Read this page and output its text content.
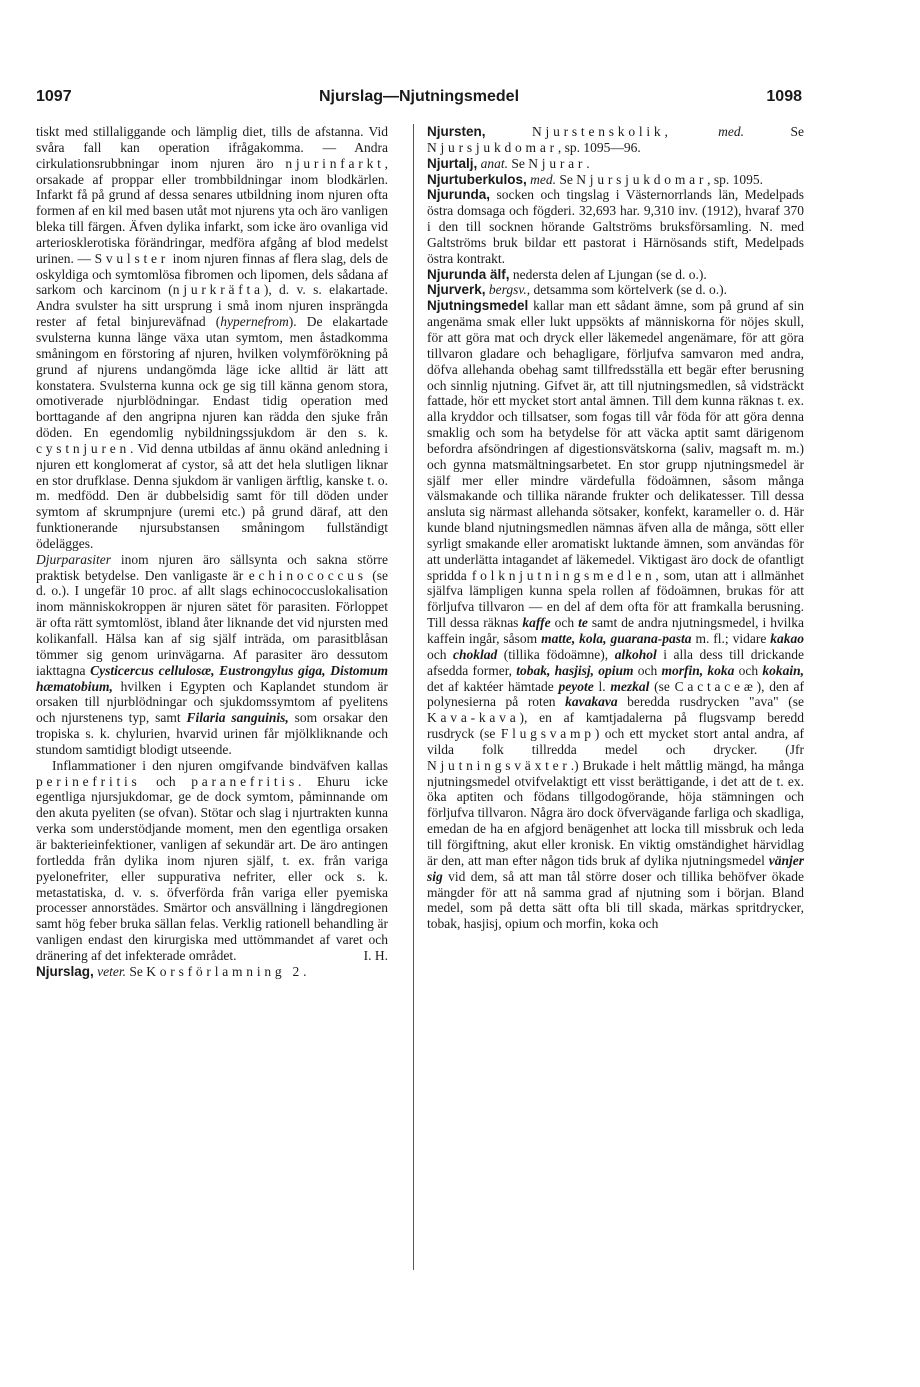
1097	Njurslag—Njutningsmedel	1098

tiskt med stillaliggande och lämplig diet, tills de afstanna. Vid svåra fall kan operation ifrågakomma. — Andra cirkulationsrubbningar inom njuren äro njurinfarkt, orsakade af proppar eller trombbildningar inom blodkärlen. Infarkt få på grund af dessa senares utbildning inom njuren ofta formen af en kil med basen utåt mot njurens yta och äro vanligen bleka till färgen. Äfven dylika infarkt, som icke äro ovanliga vid arteriosklerotiska förändringar, medföra afgång af blod medelst urinen. — Svulster inom njuren finnas af flera slag, dels de oskyldiga och symtomlösa fibromen och lipomen, dels sådana af sarkom och karcinom (njurkräfta), d. v. s. elakartade. Andra svulster ha sitt ursprung i små inom njuren insprängda rester af fetal binjureväfnad (hypernefrom). De elakartade svulsterna kunna länge växa utan symtom, men åstadkomma småningom en förstoring af njuren, hvilken volymförökning på grund af njurens undangömda läge icke alltid är lätt att konstatera. Svulsterna kunna ock ge sig till känna genom stora, omotiverade njurblödningar. Endast tidig operation med borttagande af den angripna njuren kan rädda den sjuke från döden. En egendomlig nybildningssjukdom är den s. k. cystnjuren. Vid denna utbildas af ännu okänd anledning i njuren ett konglomerat af cystor, så att det hela slutligen liknar en stor drufklase. Denna sjukdom är vanligen ärftlig, kanske t. o. m. medfödd. Den är dubbelsidig samt för till döden under symtom af skrumpnjure (uremi etc.) på grund däraf, att den funktionerande njursubstansen småningom fullständigt ödelägges.

Djurparasiter inom njuren äro sällsynta och sakna större praktisk betydelse. Den vanligaste är echinococcus (se d. o.). I ungefär 10 proc. af allt slags echinococcuslokalisation inom människokroppen är njuren sätet för parasiten. Förloppet är ofta rätt symtomlöst, ibland åter liknande det vid njursten med kolikanfall. Hälsa kan af sig själf inträda, om parasitblåsan tömmer sig genom urinvägarna. Af parasiter äro dessutom iakttagna Cysticercus cellulosæ, Eustrongylus giga, Distomum hæmatobium, hvilken i Egypten och Kaplandet stundom är orsaken till njurblödningar och sjukdomssymtom af pyelitens och njurstenens typ, samt Filaria sanguinis, som orsakar den tropiska s. k. chylurien, hvarvid urinen får mjölkliknande och stundom samtidigt blodigt utseende.

Inflammationer i den njuren omgifvande bindväfven kallas perinefritis och paranefritis. Ehuru icke egentliga njursjukdomar, ge de dock symtom, påminnande om den akuta pyeliten (se ofvan). Stötar och slag i njurtrakten kunna verka som understödjande moment, men den egentliga orsaken är bakterieinfektioner, vanligen af sekundär art. De äro antingen fortledda från dylika inom njuren själf, t. ex. från variga pyelonefriter, eller suppurativa nefriter, eller ock s. k. metastatiska, d. v. s. öfverförda från variga eller pyemiska processer annorstädes. Smärtor och ansvällning i längdregionen samt hög feber bruka sällan felas. Verklig rationell behandling är vanligen endast den kirurgiska med uttömmandet af varet och dränering af det infekterade området.	I. H.

Njurslag, veter. Se Korsförlamning 2.

Njursten,	Njurstenskolik,	med. Se Njursjukdomar, sp. 1095—96.

Njurtalj, anat. Se Njurar.

Njurtuberkulos, med. Se Njursjukdomar, sp. 1095.

Njurunda, socken och tingslag i Västernorrlands län, Medelpads östra domsaga och fögderi. 32,693 har. 9,310 inv. (1912), hvaraf 370 i den till socknen hörande Galtströms bruksförsamling. N. med Galtströms bruk bildar ett pastorat i Härnösands stift, Medelpads östra kontrakt.

Njurunda älf, nedersta delen af Ljungan (se d. o.).

Njurverk, bergsv., detsamma som körtelverk (se d. o.).

Njutningsmedel kallar man ett sådant ämne, som på grund af sin angenäma smak eller lukt uppsökts af människorna för nöjes skull, för att göra mat och dryck eller läkemedel angenämare, för att göra tillvaron gladare och behagligare, förljufva samvaron med andra, döfva allehanda obehag samt tillfredsställa ett begär efter berusning och sinnlig njutning. Gifvet är, att till njutningsmedlen, så vidsträckt fattade, hör ett mycket stort antal ämnen. Till dem kunna räknas t. ex. alla kryddor och tillsatser, som fogas till vår föda för att göra denna smaklig och som ha betydelse för att väcka aptit samt därigenom befordra afsöndringen af digestionsvätskorna (saliv, magsaft m. m.) och gynna matsmältningsarbetet. En stor grupp njutningsmedel är själf mer eller mindre värdefulla födoämnen, såsom många välsmakande och tillika närande frukter och delikatesser. Till dessa ansluta sig närmast allehanda sötsaker, konfekt, karameller o. d. Här kunde bland njutningsmedlen nämnas äfven alla de många, sött eller syrligt smakande eller aromatiskt luktande ämnen, som användas för att underlätta intagandet af läkemedel. Viktigast äro dock de ofantligt spridda folknjutningsmedlen, som, utan att i allmänhet själfva lämpligen kunna spela rollen af födoämnen, brukas för att förljufva tillvaron — en del af dem ofta för att framkalla berusning. Till dessa räknas kaffe och te samt de andra njutningsmedel, i hvilka kaffein ingår, såsom matte, kola, guarana-pasta m. fl.; vidare kakao och choklad (tillika födoämne), alkohol i alla dess till drickande afsedda former, tobak, hasjisj, opium och morfin, koka och kokain, det af kaktéer hämtade peyote l. mezkal (se Cactaceæ), den af polynesierna på roten kavakava beredda rusdrycken "ava" (se Kava-kava), en af kamtjadalerna på flugsvamp beredd rusdryck (se Flugsvamp) och ett mycket stort antal andra, af vilda folk tillredda medel och drycker. (Jfr Njutningsväxter.) Brukade i helt måttlig mängd, ha många njutningsmedel otvifvelaktigt ett visst berättigande, i det att de t. ex. öka aptiten och födans tillgodogörande, höja stämningen och förljufva tillvaron. Några äro dock öfvervägande farliga och skadliga, emedan de ha en afgjord benägenhet att locka till missbruk och leda till förgiftning, akut eller kronisk. En viktig omständighet härvidlag är den, att man efter någon tids bruk af dylika njutningsmedel vänjer sig vid dem, så att man tål större doser och tillika behöfver ökade mängder för att nå samma grad af njutning som i början. Bland medel, som på detta sätt ofta bli till skada, märkas spritdrycker, tobak, hasjisj, opium och morfin, koka och
